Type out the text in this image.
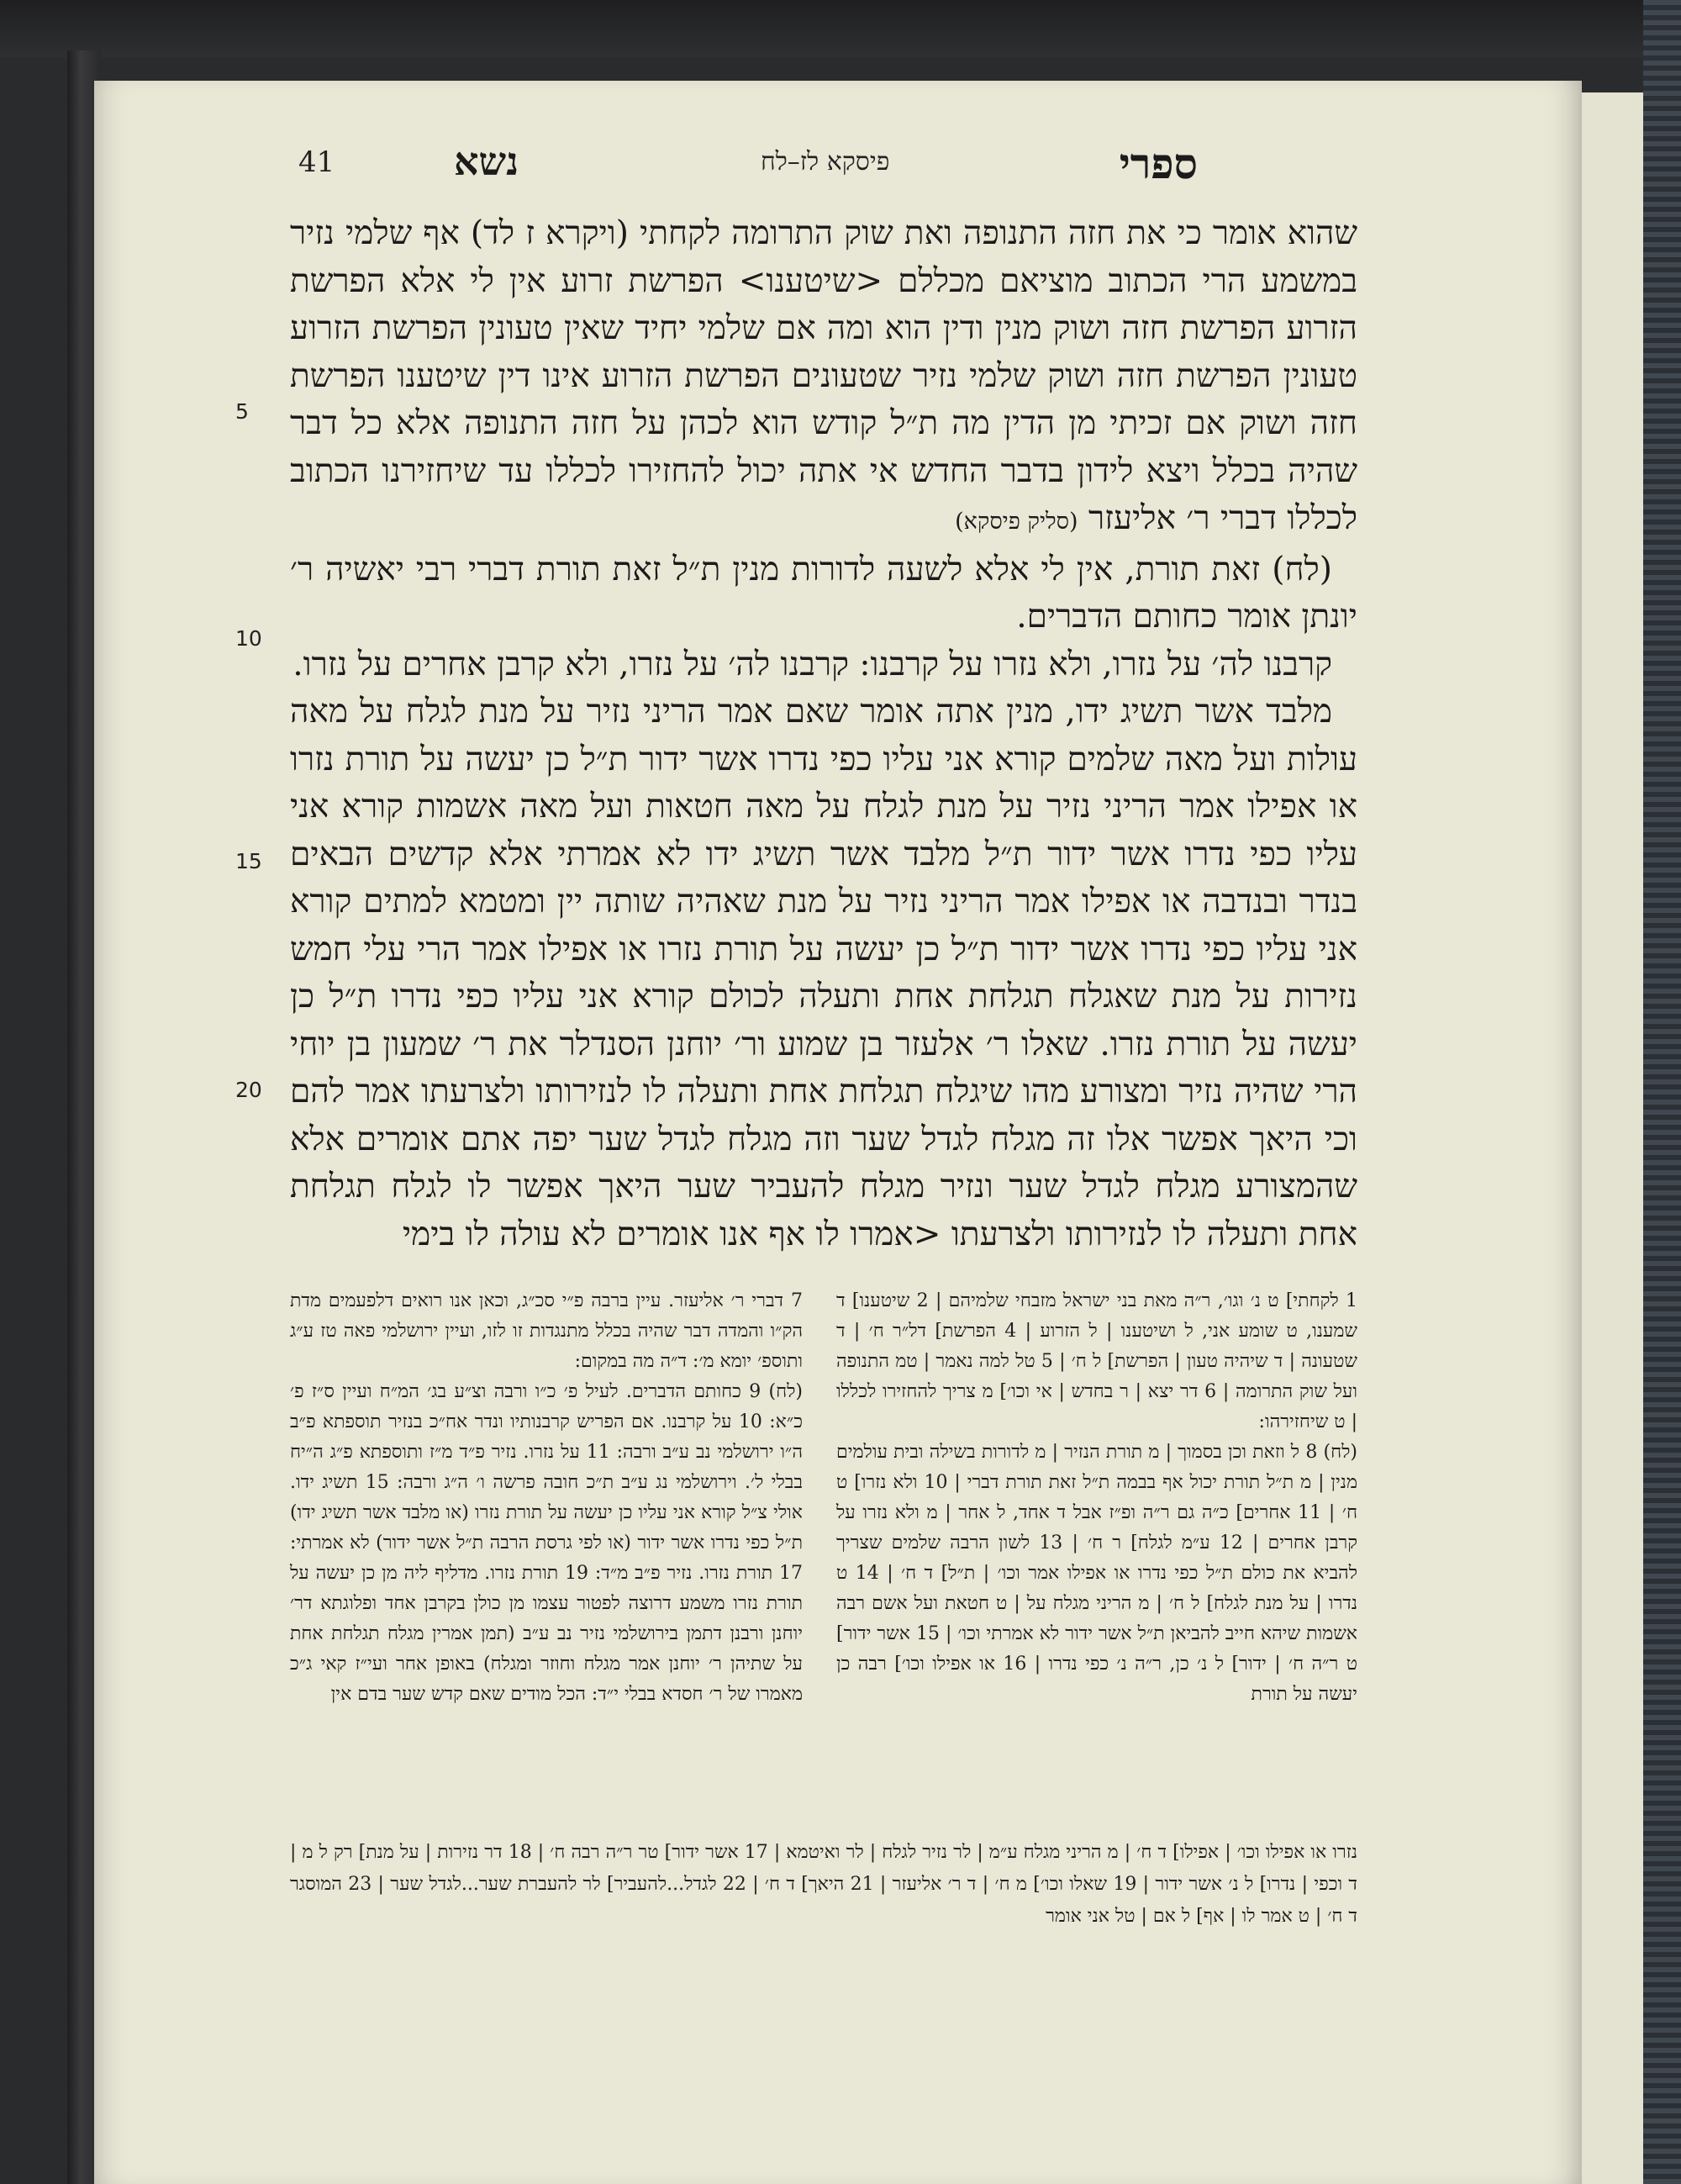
41	נשא	פיסקא לז–לח	ספרי
5
10
15
20

שהוא אומר כי את חזה התנופה ואת שוק התרומה לקחתי (ויקרא ז לד) אף שלמי נזיר במשמע הרי הכתוב מוציאם מכללם <שיטענו> הפרשת זרוע אין לי אלא הפרשת הזרוע הפרשת חזה ושוק מנין ודין הוא ומה אם שלמי יחיד שאין טעונין הפרשת הזרוע טעונין הפרשת חזה ושוק שלמי נזיר שטעונים הפרשת הזרוע אינו דין שיטענו הפרשת חזה ושוק אם זכיתי מן הדין מה ת״ל קודש הוא לכהן על חזה התנופה אלא כל דבר שהיה בכלל ויצא לידון בדבר החדש אי אתה יכול להחזירו לכללו עד שיחזירנו הכתוב לכללו דברי ר׳ אליעזר (סליק פיסקא)

(לח) זאת תורת, אין לי אלא לשעה לדורות מנין ת״ל זאת תורת דברי רבי יאשיה ר׳ יונתן אומר כחותם הדברים.

קרבנו לה׳ על נזרו, ולא נזרו על קרבנו: קרבנו לה׳ על נזרו, ולא קרבן אחרים על נזרו.

מלבד אשר תשיג ידו, מנין אתה אומר שאם אמר הריני נזיר על מנת לגלח על מאה עולות ועל מאה שלמים קורא אני עליו כפי נדרו אשר ידור ת״ל כן יעשה על תורת נזרו או אפילו אמר הריני נזיר על מנת לגלח על מאה חטאות ועל מאה אשמות קורא אני עליו כפי נדרו אשר ידור ת״ל מלבד אשר תשיג ידו לא אמרתי אלא קדשים הבאים בנדר ובנדבה או אפילו אמר הריני נזיר על מנת שאהיה שותה יין ומטמא למתים קורא אני עליו כפי נדרו אשר ידור ת״ל כן יעשה על תורת נזרו או אפילו אמר הרי עלי חמש נזירות על מנת שאגלח תגלחת אחת ותעלה לכולם קורא אני עליו כפי נדרו ת״ל כן יעשה על תורת נזרו. שאלו ר׳ אלעזר בן שמוע ור׳ יוחנן הסנדלר את ר׳ שמעון בן יוחי הרי שהיה נזיר ומצורע מהו שיגלח תגלחת אחת ותעלה לו לנזירותו ולצרעתו אמר להם וכי היאך אפשר אלו זה מגלח לגדל שער וזה מגלח לגדל שער יפה אתם אומרים אלא שהמצורע מגלח לגדל שער ונזיר מגלח להעביר שער היאך אפשר לו לגלח תגלחת אחת ותעלה לו לנזירותו ולצרעתו <אמרו לו אף אנו אומרים לא עולה לו בימי

1 לקחתי] ט נ׳ וגו׳, ר״ה מאת בני ישראל מזבחי שלמיהם | 2 שיטענו] ד שמענו, ט שומע אני, ל ושיטענו | ל הזרוע | 4 הפרשת] דל״ר ח׳ | ד שטעונה | ד שיהיה טעון | הפרשת] ל ח׳ | 5 טל למה נאמר | טמ התנופה ועל שוק התרומה | 6 דר יצא | ר בחדש | אי וכו׳] מ צריך להחזירו לכללו | ט שיחזירהו:

(לח) 8 ל וזאת וכן בסמוך | מ תורת הנזיר | מ לדורות בשילה ובית עולמים מנין | מ ת״ל תורת יכול אף בבמה ת״ל זאת תורת דברי | 10 ולא נזרו] ט ח׳ | 11 אחרים] כ״ה גם ר״ה ופ״ז אבל ד אחד, ל אחר | מ ולא נזרו על קרבן אחרים | 12 ע״מ לגלח] ר ח׳ | 13 לשון הרבה שלמים שצריך להביא את כולם ת״ל כפי נדרו או אפילו אמר וכו׳ | ת״ל] ד ח׳ | 14 ט נדרו | על מנת לגלח] ל ח׳ | מ הריני מגלח על | ט חטאת ועל אשם רבה אשמות שיהא חייב להביאן ת״ל אשר ידור לא אמרתי וכו׳ | 15 אשר ידור] ט ר״ה ח׳ | ידור] ל נ׳ כן, ר״ה נ׳ כפי נדרו | 16 או אפילו וכו׳] רבה כן יעשה על תורת

7 דברי ר׳ אליעזר. עיין ברבה פ״י סכ״ג, וכאן אנו רואים דלפעמים מדת הק״ו והמדה דבר שהיה בכלל מתנגדות זו לזו, ועיין ירושלמי פאה טז ע״ג ותוספ׳ יומא מ׳: ד״ה מה במקום:

(לח) 9 כחותם הדברים. לעיל פ׳ כ״ו ורבה וצ״ע בג׳ המ״ח ועיין ס״ז פ׳ כ״א: 10 על קרבנו. אם הפריש קרבנותיו ונדר אח״כ בנזיר תוספתא פ״ב ה״ו ירושלמי נב ע״ב ורבה: 11 על נזרו. נזיר פ״ד מ״ז ותוספתא פ״ג ה״יח בבלי ל׳. וירושלמי נג ע״ב ת״כ חובה פרשה ו׳ ה״ג ורבה: 15 תשיג ידו. אולי צ״ל קורא אני עליו כן יעשה על תורת נזרו (או מלבד אשר תשיג ידו) ת״ל כפי נדרו אשר ידור (או לפי גרסת הרבה ת״ל אשר ידור) לא אמרתי: 17 תורת נזרו. נזיר פ״ב מ״ד: 19 תורת נזרו. מדליף ליה מן כן יעשה על תורת נזרו משמע דרוצה לפטור עצמו מן כולן בקרבן אחד ופלוגתא דר׳ יוחנן ורבנן דתמן בירושלמי נזיר נב ע״ב (תמן אמרין מגלח תגלחת אחת על שתיהן ר׳ יוחנן אמר מגלח וחוזר ומגלח) באופן אחר ועי״ז קאי ג״כ מאמרו של ר׳ חסדא בבלי י״ד: הכל מודים שאם קדש שער בדם אין

נזרו או אפילו וכו׳ | אפילו] ד ח׳ | מ הריני מגלח ע״מ | לר נזיר לגלח | לר ואיטמא | 17 אשר ידור] טר ר״ה רבה ח׳ | 18 דר נזירות | על מנת] רק ל מ | ד וכפי | נדרו] ל נ׳ אשר ידור | 19 שאלו וכו׳] מ ח׳ | ד ר׳ אליעזר | 21 היאך] ד ח׳ | 22 לגדל...להעביר] לר להעברת שער...לגדל שער | 23 המוסגר ד ח׳ | ט אמר לו | אף] ל אם | טל אני אומר
